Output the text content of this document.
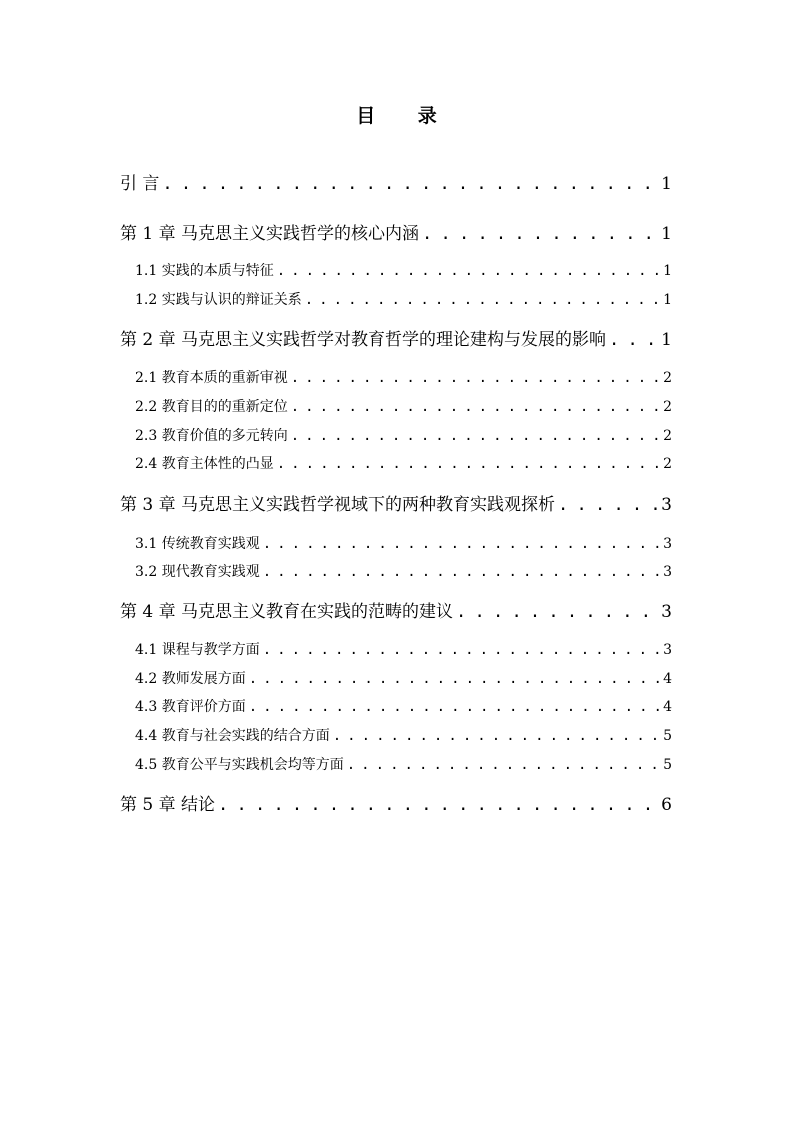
目 录
引 言 . . .	1
第 1 章 马克思主义实践哲学的核心内涵 . . .	1
1.1 实践的本质与特征 . . .	1
1.2 实践与认识的辩证关系 . . .	1
第 2 章 马克思主义实践哲学对教育哲学的理论建构与发展的影响 . . .	1
2.1 教育本质的重新审视 . . .	2
2.2 教育目的的重新定位 . . .	2
2.3 教育价值的多元转向 . . .	2
2.4 教育主体性的凸显 . . .	2
第 3 章 马克思主义实践哲学视域下的两种教育实践观探析 . . .	3
3.1 传统教育实践观 . . .	3
3.2 现代教育实践观 . . .	3
第 4 章 马克思主义教育在实践的范畴的建议 . . .	3
4.1 课程与教学方面 . . .	3
4.2 教师发展方面 . . .	4
4.3 教育评价方面 . . .	4
4.4 教育与社会实践的结合方面 . . .	5
4.5 教育公平与实践机会均等方面 . . .	5
第 5 章 结论 . . .	6
